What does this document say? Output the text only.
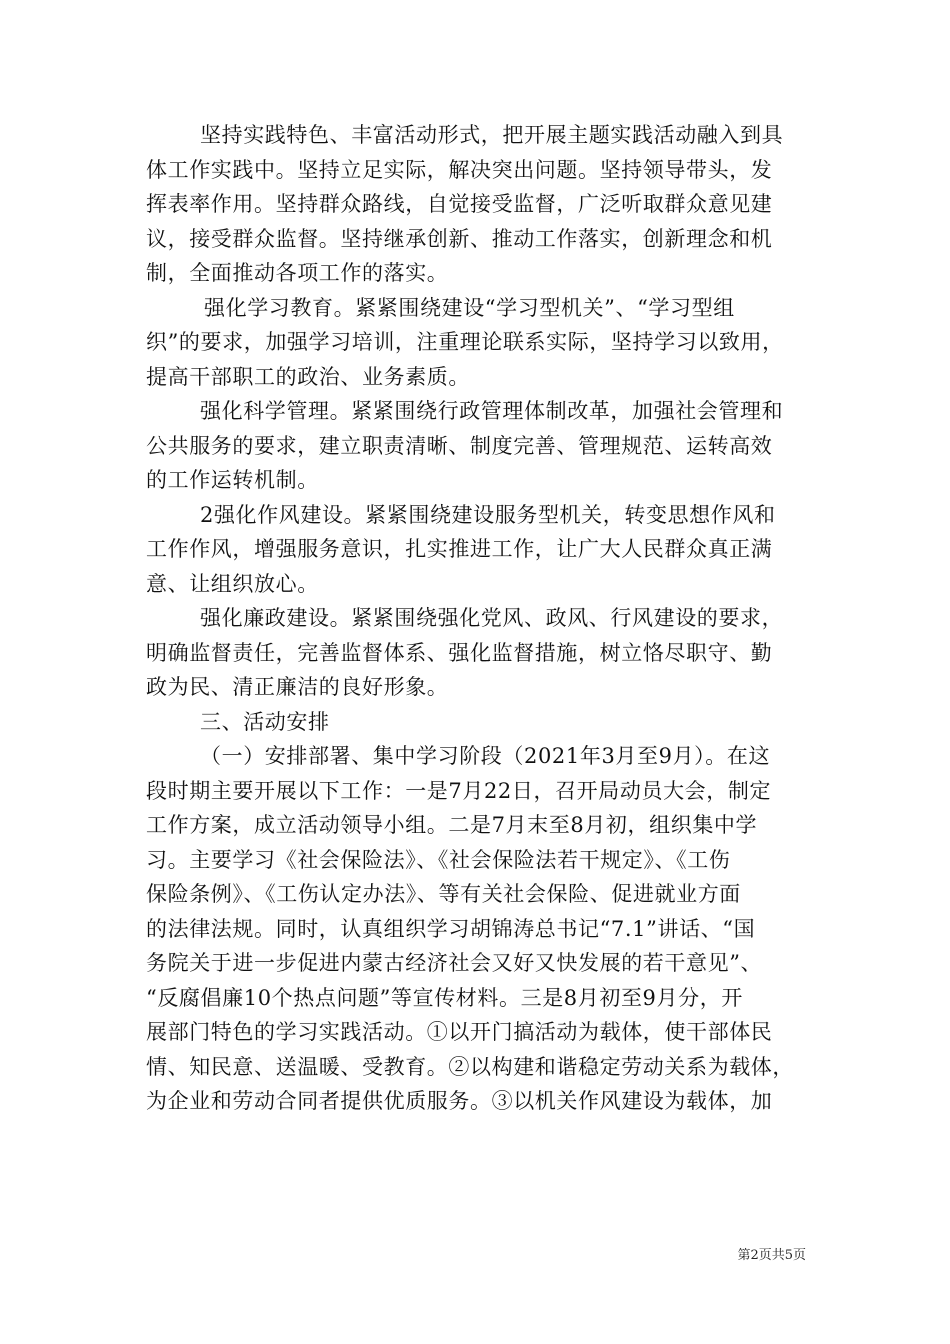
坚持实践特色、丰富活动形式，把开展主题实践活动融入到具
体工作实践中。坚持立足实际，解决突出问题。坚持领导带头，发
挥表率作用。坚持群众路线，自觉接受监督，广泛听取群众意见建
议，接受群众监督。坚持继承创新、推动工作落实，创新理念和机
制，全面推动各项工作的落实。
强化学习教育。紧紧围绕建设“学习型机关”、“学习型组
织”的要求，加强学习培训，注重理论联系实际，坚持学习以致用，
提高干部职工的政治、业务素质。
强化科学管理。紧紧围绕行政管理体制改革，加强社会管理和
公共服务的要求，建立职责清晰、制度完善、管理规范、运转高效
的工作运转机制。
2强化作风建设。紧紧围绕建设服务型机关，转变思想作风和
工作作风，增强服务意识，扎实推进工作，让广大人民群众真正满
意、让组织放心。
强化廉政建设。紧紧围绕强化党风、政风、行风建设的要求，
明确监督责任，完善监督体系、强化监督措施，树立恪尽职守、勤
政为民、清正廉洁的良好形象。
三、活动安排
（一）安排部署、集中学习阶段（2021年3月至9月）。在这
段时期主要开展以下工作：一是7月22日，召开局动员大会，制定
工作方案，成立活动领导小组。二是7月末至8月初，组织集中学
习。主要学习《社会保险法》、《社会保险法若干规定》、《工伤
保险条例》、《工伤认定办法》、等有关社会保险、促进就业方面
的法律法规。同时，认真组织学习胡锦涛总书记“7.1”讲话、“国
务院关于进一步促进内蒙古经济社会又好又快发展的若干意见”、
“反腐倡廉10个热点问题”等宣传材料。三是8月初至9月分，开
展部门特色的学习实践活动。①以开门搞活动为载体，使干部体民
情、知民意、送温暖、受教育。②以构建和谐稳定劳动关系为载体，
为企业和劳动合同者提供优质服务。③以机关作风建设为载体，加
第2页共5页
